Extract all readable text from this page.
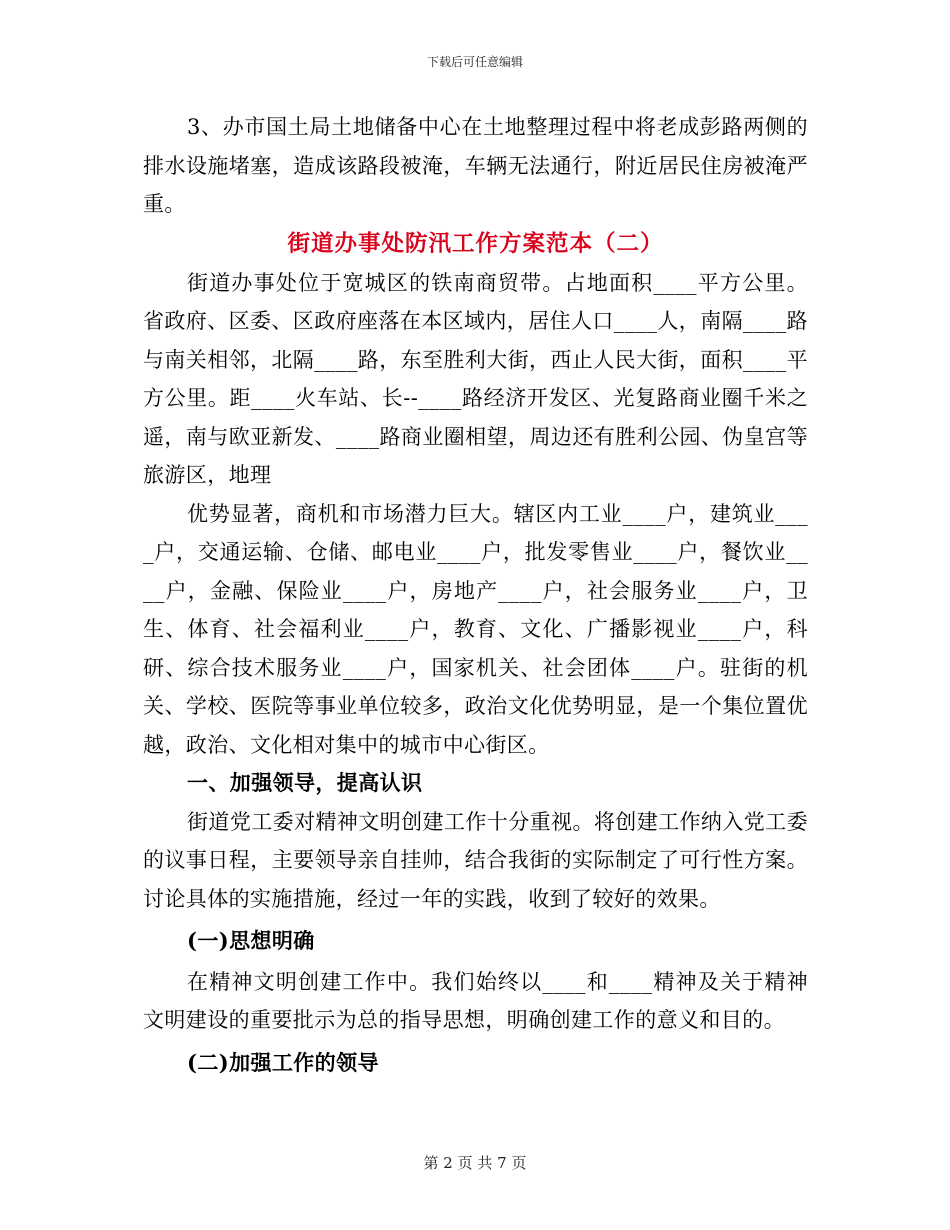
下载后可任意编辑

3、办市国土局土地储备中心在土地整理过程中将老成彭路两侧的排水设施堵塞，造成该路段被淹，车辆无法通行，附近居民住房被淹严重。

街道办事处防汛工作方案范本（二）

街道办事处位于宽城区的铁南商贸带。占地面积____平方公里。省政府、区委、区政府座落在本区域内，居住人口____人，南隔____路与南关相邻，北隔____路，东至胜利大街，西止人民大街，面积____平方公里。距____火车站、长--____路经济开发区、光复路商业圈千米之遥，南与欧亚新发、____路商业圈相望，周边还有胜利公园、伪皇宫等旅游区，地理

优势显著，商机和市场潜力巨大。辖区内工业____户，建筑业____户，交通运输、仓储、邮电业____户，批发零售业____户，餐饮业____户，金融、保险业____户，房地产____户，社会服务业____户，卫生、体育、社会福利业____户，教育、文化、广播影视业____户，科研、综合技术服务业____户，国家机关、社会团体____户。驻街的机关、学校、医院等事业单位较多，政治文化优势明显，是一个集位置优越，政治、文化相对集中的城市中心街区。

一、加强领导，提高认识

街道党工委对精神文明创建工作十分重视。将创建工作纳入党工委的议事日程，主要领导亲自挂帅，结合我街的实际制定了可行性方案。讨论具体的实施措施，经过一年的实践，收到了较好的效果。

(一)思想明确

在精神文明创建工作中。我们始终以____和____精神及关于精神文明建设的重要批示为总的指导思想，明确创建工作的意义和目的。

(二)加强工作的领导

第 2 页 共 7 页
